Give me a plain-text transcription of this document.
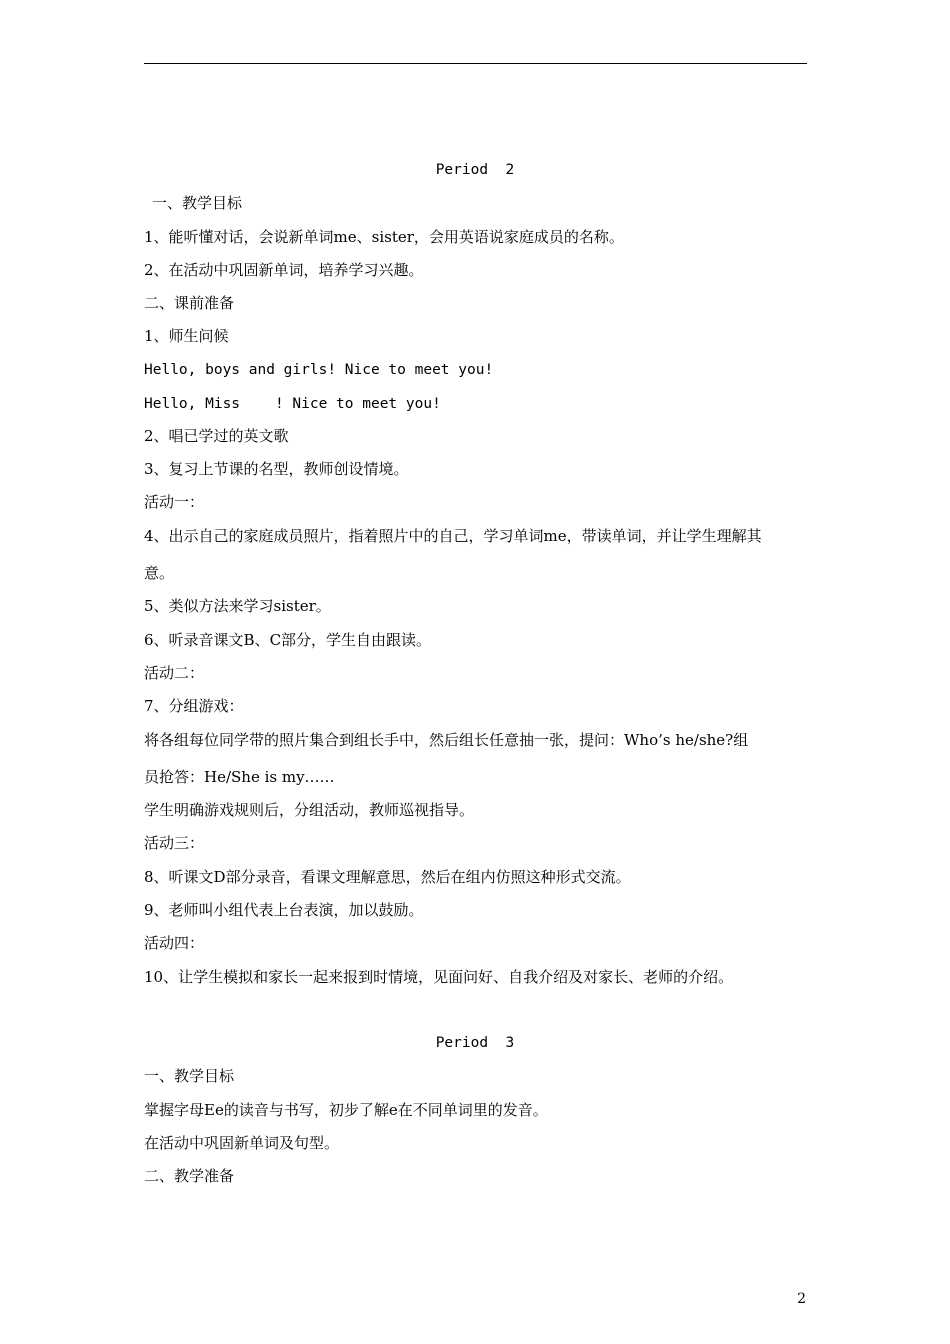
Period  2
一、教学目标
1、能听懂对话，会说新单词me、sister，会用英语说家庭成员的名称。
2、在活动中巩固新单词，培养学习兴趣。
二、课前准备
1、师生问候
Hello, boys and girls! Nice to meet you!
Hello, Miss    ! Nice to meet you!
2、唱已学过的英文歌
3、复习上节课的名型，教师创设情境。
活动一：
4、出示自己的家庭成员照片，指着照片中的自己，学习单词me，带读单词，并让学生理解其
意。
5、类似方法来学习sister。
6、听录音课文B、C部分，学生自由跟读。
活动二：
7、分组游戏：
将各组每位同学带的照片集合到组长手中，然后组长任意抽一张，提问：Who’s he/she?组
员抢答：He/She is my……
学生明确游戏规则后，分组活动，教师巡视指导。
活动三：
8、听课文D部分录音，看课文理解意思，然后在组内仿照这种形式交流。
9、老师叫小组代表上台表演，加以鼓励。
活动四：
10、让学生模拟和家长一起来报到时情境，见面问好、自我介绍及对家长、老师的介绍。
Period  3
一、教学目标
掌握字母Ee的读音与书写，初步了解e在不同单词里的发音。
在活动中巩固新单词及句型。
二、教学准备
2
